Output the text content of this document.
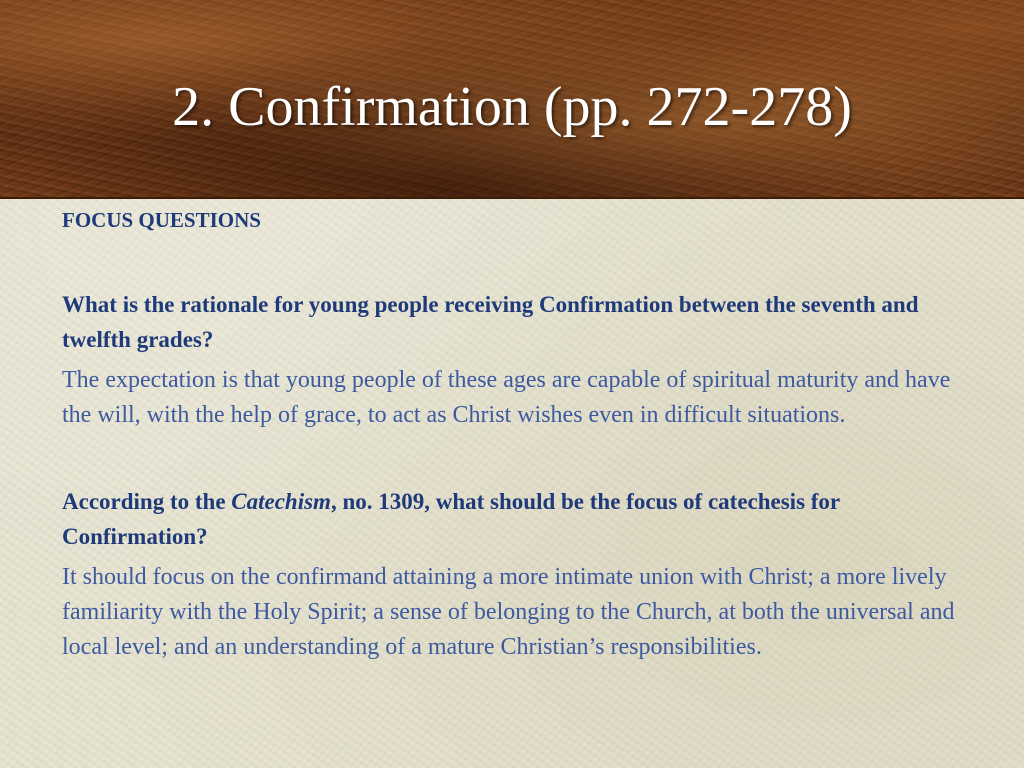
2. Confirmation (pp. 272-278)

FOCUS QUESTIONS

What is the rationale for young people receiving Confirmation between the seventh and twelfth grades?

The expectation is that young people of these ages are capable of spiritual maturity and have the will, with the help of grace, to act as Christ wishes even in difficult situations.

According to the Catechism, no. 1309, what should be the focus of catechesis for Confirmation?

It should focus on the confirmand attaining a more intimate union with Christ; a more lively familiarity with the Holy Spirit; a sense of belonging to the Church, at both the universal and local level; and an understanding of a mature Christian’s responsibilities.
